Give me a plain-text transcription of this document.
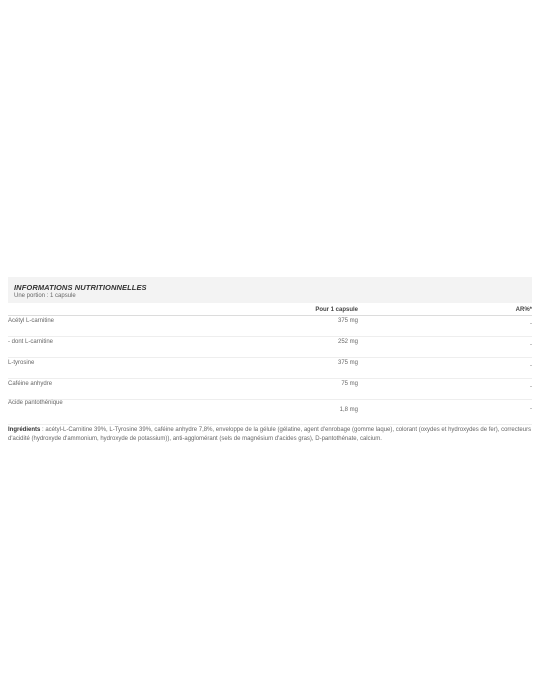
INFORMATIONS NUTRITIONNELLES
Une portion : 1 capsule
	Pour 1 capsule	AR%*
Acétyl L-carnitine	375 mg	-
- dont L-carnitine	252 mg	-
L-tyrosine	375 mg	-
Caféine anhydre	75 mg	-
Acide pantothénique	1,8 mg	-
Ingrédients : acétyl-L-Carnitine 39%, L-Tyrosine 39%, caféine anhydre 7,8%, enveloppe de la gélule (gélatine, agent d'enrobage (gomme laque), colorant (oxydes et hydroxydes de fer), correcteurs d'acidité (hydroxyde d'ammonium, hydroxyde de potassium)), anti-agglomérant (sels de magnésium d'acides gras), D-pantothénate, calcium.
